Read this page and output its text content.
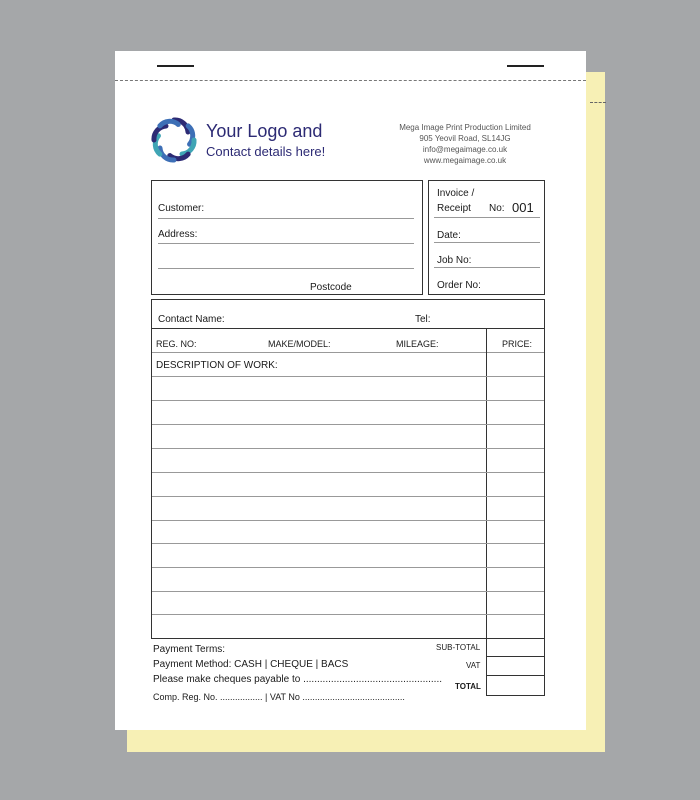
Your Logo and
Contact details here!
Mega Image Print Production Limited
905 Yeovil Road, SL14JG
info@megaimage.co.uk
www.megaimage.co.uk
Customer:
Address:
Postcode
Invoice /
Receipt No: 001
Date:
Job No:
Order No:
Contact Name:	Tel:
REG. NO:	MAKE/MODEL:	MILEAGE:	PRICE:
DESCRIPTION OF WORK:
Payment Terms:
Payment Method: CASH | CHEQUE | BACS
Please make cheques payable to ..................................................
Comp. Reg. No. ................. | VAT No .........................................
SUB-TOTAL
VAT
TOTAL
